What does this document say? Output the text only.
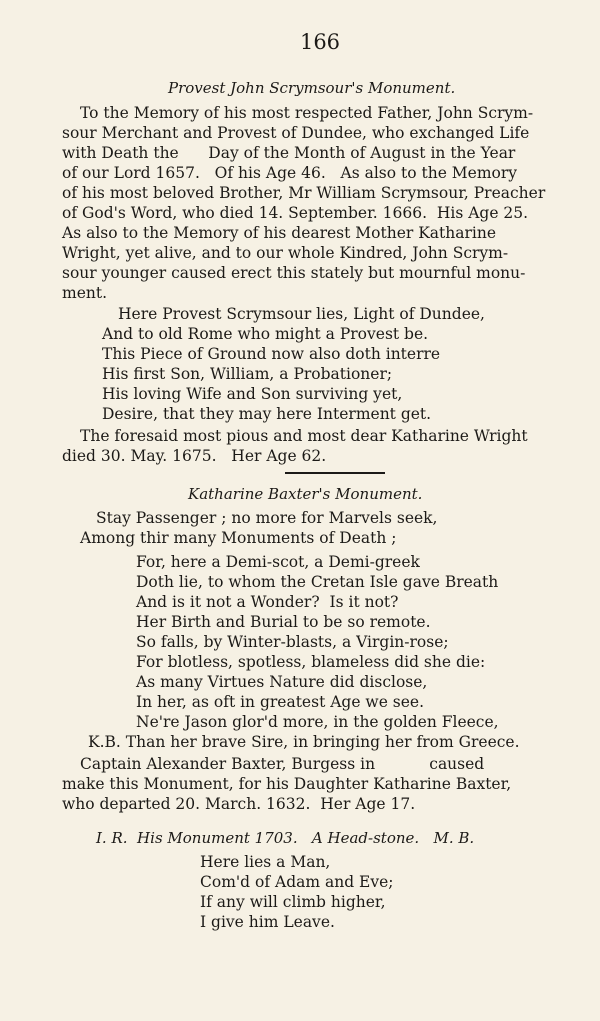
166
Provest John Scrymsour's Monument.
To the Memory of his most respected Father, John Scrym-
sour Merchant and Provest of Dundee, who exchanged Life
with Death the      Day of the Month of August in the Year
of our Lord 1657.   Of his Age 46.   As also to the Memory
of his most beloved Brother, Mr William Scrymsour, Preacher
of God's Word, who died 14. September. 1666.  His Age 25.
As also to the Memory of his dearest Mother Katharine
Wright, yet alive, and to our whole Kindred, John Scrym-
sour younger caused erect this stately but mournful monu-
ment.
Here Provest Scrymsour lies, Light of Dundee,
And to old Rome who might a Provest be.
This Piece of Ground now also doth interre
His first Son, William, a Probationer;
His loving Wife and Son surviving yet,
Desire, that they may here Interment get.
The foresaid most pious and most dear Katharine Wright
died 30. May. 1675.   Her Age 62.
Katharine Baxter's Monument.
Stay Passenger ; no more for Marvels seek,
Among thir many Monuments of Death ;
For, here a Demi-scot, a Demi-greek
Doth lie, to whom the Cretan Isle gave Breath
And is it not a Wonder?  Is it not?
Her Birth and Burial to be so remote.
So falls, by Winter-blasts, a Virgin-rose;
For blotless, spotless, blameless did she die:
As many Virtues Nature did disclose,
In her, as oft in greatest Age we see.
Ne're Jason glor'd more, in the golden Fleece,
K.B. Than her brave Sire, in bringing her from Greece.
Captain Alexander Baxter, Burgess in           caused
make this Monument, for his Daughter Katharine Baxter,
who departed 20. March. 1632.  Her Age 17.
I. R.  His Monument 1703.   A Head-stone.   M. B.
Here lies a Man,
Com'd of Adam and Eve;
If any will climb higher,
I give him Leave.
